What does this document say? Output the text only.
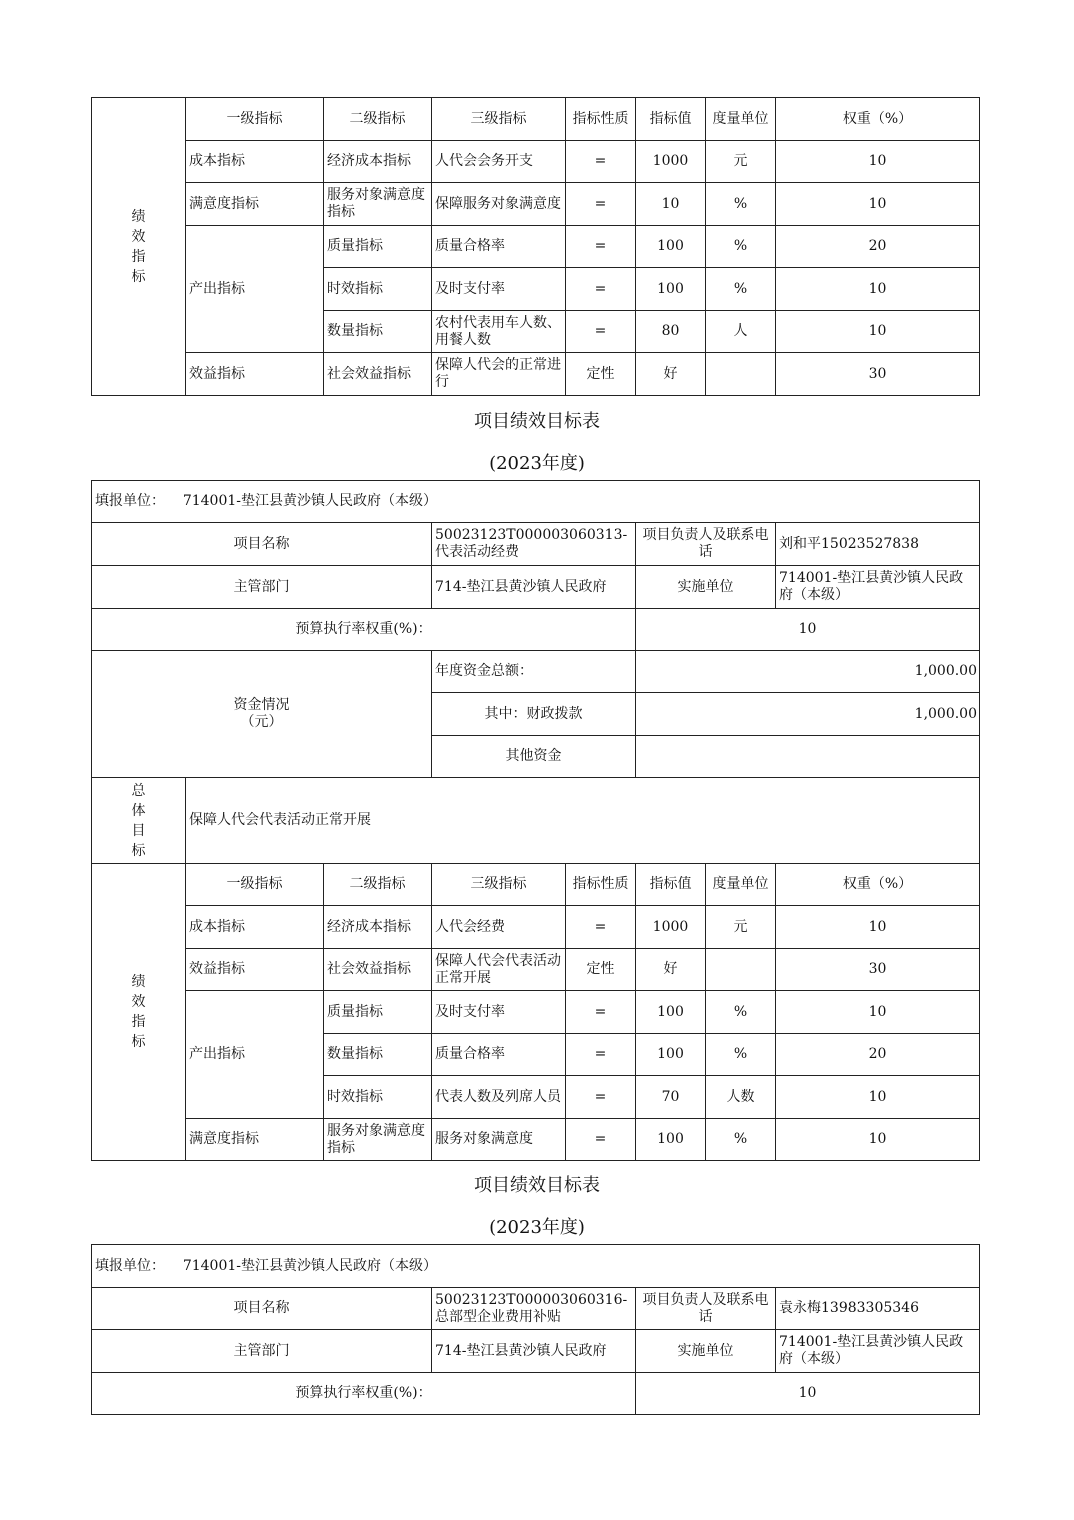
绩
效
指
标	一级指标	二级指标	三级指标	指标性质	指标值	度量单位	权重（%）
	成本指标	经济成本指标	人代会会务开支	=	1000	元	10
	满意度指标	服务对象满意度指标	保障服务对象满意度	=	10	%	10
	产出指标	质量指标	质量合格率	=	100	%	20
		时效指标	及时支付率	=	100	%	10
		数量指标	农村代表用车人数、用餐人数	=	80	人	10
	效益指标	社会效益指标	保障人代会的正常进行	定性	好		30
项目绩效目标表
(2023年度)
填报单位： 714001-垫江县黄沙镇人民政府（本级）							
项目名称			50023123T000003060313-代表活动经费		项目负责人及联系电话		刘和平15023527838
主管部门			714-垫江县黄沙镇人民政府		实施单位		714001-垫江县黄沙镇人民政府（本级）
预算执行率权重(%)：					10		

资金情况
（元）			年度资金总额：		1,000.00		
			其中：财政拨款		1,000.00		
			其他资金				

总
体
目
标	保障人代会代表活动正常开展						

绩
效
指
标	一级指标	二级指标	三级指标	指标性质	指标值	度量单位	权重（%）
	成本指标	经济成本指标	人代会经费	=	1000	元	10
	效益指标	社会效益指标	保障人代会代表活动正常开展	定性	好		30
	产出指标	质量指标	及时支付率	=	100	%	10
		数量指标	质量合格率	=	100	%	20
		时效指标	代表人数及列席人员	=	70	人数	10
	满意度指标	服务对象满意度指标	服务对象满意度	=	100	%	10
项目绩效目标表
(2023年度)
填报单位： 714001-垫江县黄沙镇人民政府（本级）			
项目名称	50023123T000003060316-总部型企业费用补贴	项目负责人及联系电话	袁永梅13983305346
主管部门	714-垫江县黄沙镇人民政府	实施单位	714001-垫江县黄沙镇人民政府（本级）
预算执行率权重(%)：		10	
